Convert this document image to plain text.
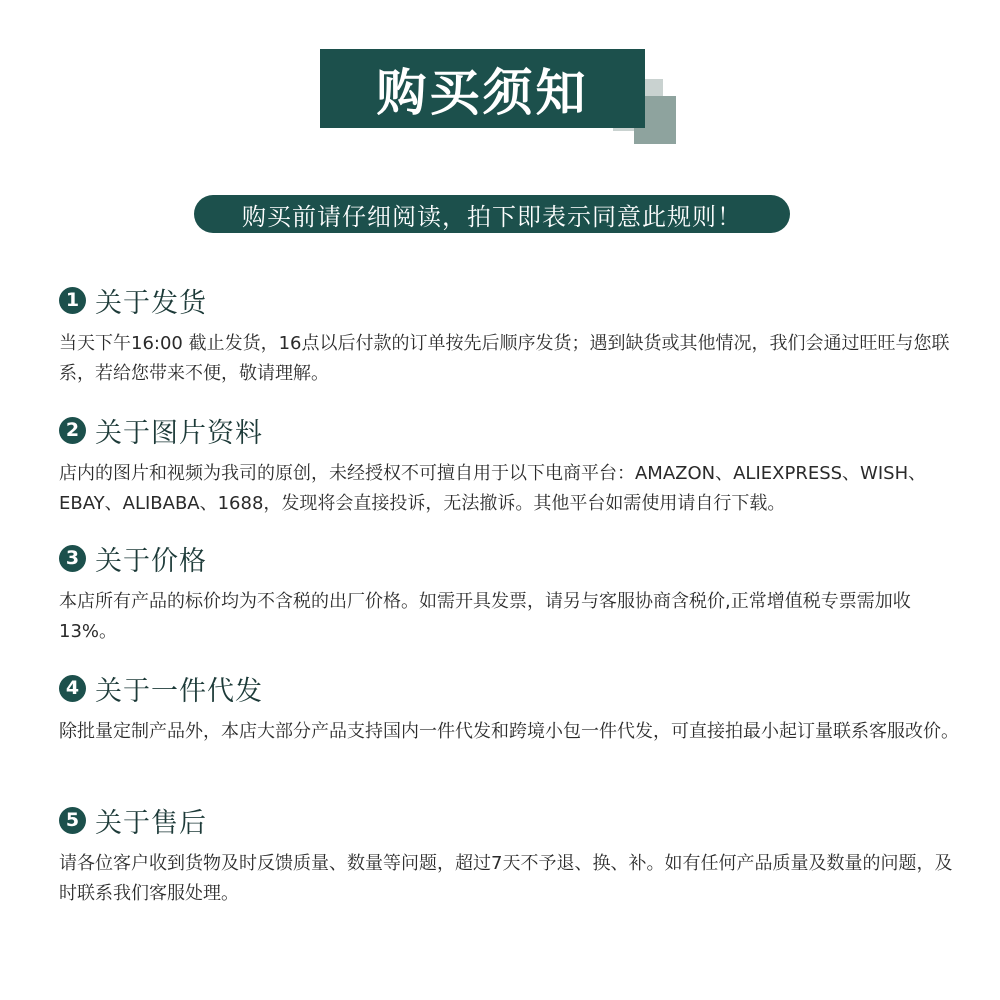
购买须知
购买前请仔细阅读，拍下即表示同意此规则！
1 关于发货
当天下午16:00 截止发货，16点以后付款的订单按先后顺序发货；遇到缺货或其他情况，我们会通过旺旺与您联系，若给您带来不便，敬请理解。
2 关于图片资料
店内的图片和视频为我司的原创，未经授权不可擅自用于以下电商平台：AMAZON、ALIEXPRESS、WISH、EBAY、ALIBABA、1688，发现将会直接投诉，无法撤诉。其他平台如需使用请自行下载。
3 关于价格
本店所有产品的标价均为不含税的出厂价格。如需开具发票，请另与客服协商含税价,正常增值税专票需加收13%。
4 关于一件代发
除批量定制产品外，本店大部分产品支持国内一件代发和跨境小包一件代发，可直接拍最小起订量联系客服改价。
5 关于售后
请各位客户收到货物及时反馈质量、数量等问题，超过7天不予退、换、补。如有任何产品质量及数量的问题，及时联系我们客服处理。
